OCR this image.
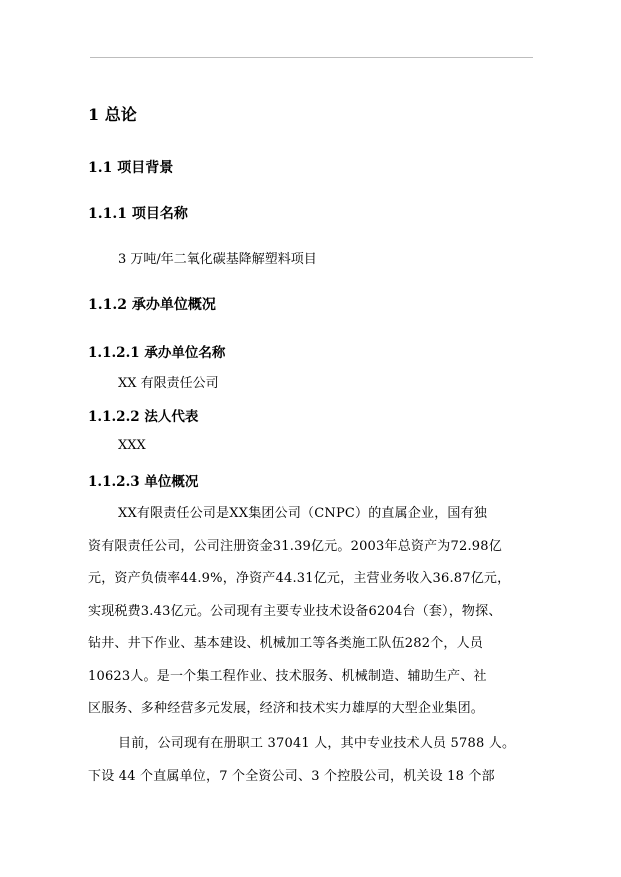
1 总论
1.1 项目背景
1.1.1 项目名称
3 万吨/年二氧化碳基降解塑料项目
1.1.2 承办单位概况
1.1.2.1 承办单位名称
XX 有限责任公司
1.1.2.2 法人代表
XXX
1.1.2.3 单位概况
XX有限责任公司是XX集团公司（CNPC）的直属企业，国有独
资有限责任公司，公司注册资金31.39亿元。2003年总资产为72.98亿
元，资产负债率44.9%，净资产44.31亿元，主营业务收入36.87亿元，
实现税费3.43亿元。公司现有主要专业技术设备6204台（套），物探、
钻井、井下作业、基本建设、机械加工等各类施工队伍282个，人员
10623人。是一个集工程作业、技术服务、机械制造、辅助生产、社
区服务、多种经营多元发展，经济和技术实力雄厚的大型企业集团。
目前，公司现有在册职工 37041 人，其中专业技术人员 5788 人。
下设 44 个直属单位，7 个全资公司、3 个控股公司，机关设 18 个部
